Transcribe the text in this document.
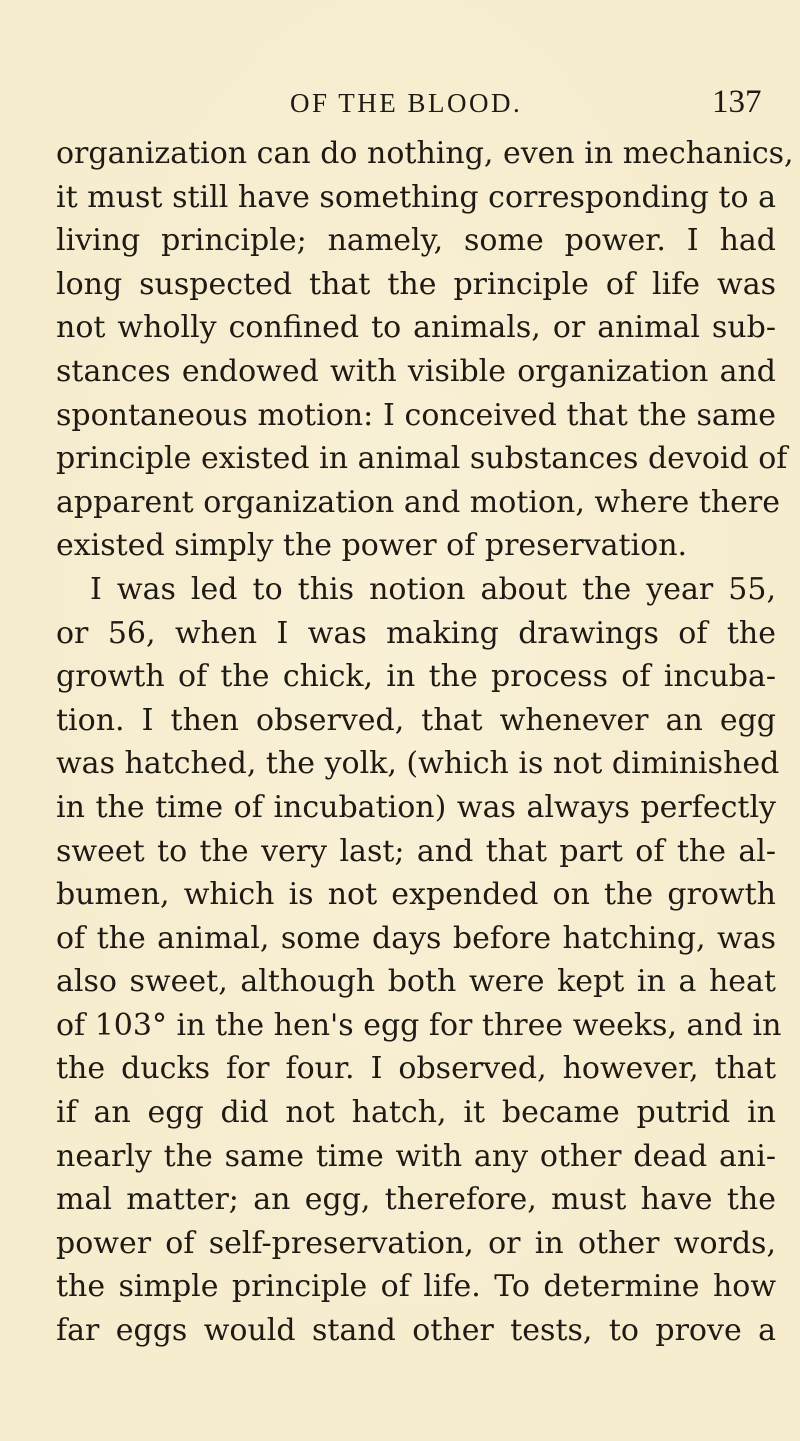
OF THE BLOOD.	137
organization can do nothing, even in mechanics,
it must still have something corresponding to a
living principle; namely, some power. I had
long suspected that the principle of life was
not wholly confined to animals, or animal sub-
stances endowed with visible organization and
spontaneous motion: I conceived that the same
principle existed in animal substances devoid of
apparent organization and motion, where there
existed simply the power of preservation.
I was led to this notion about the year 55,
or 56, when I was making drawings of the
growth of the chick, in the process of incuba-
tion. I then observed, that whenever an egg
was hatched, the yolk, (which is not diminished
in the time of incubation) was always perfectly
sweet to the very last; and that part of the al-
bumen, which is not expended on the growth
of the animal, some days before hatching, was
also sweet, although both were kept in a heat
of 103° in the hen's egg for three weeks, and in
the ducks for four. I observed, however, that
if an egg did not hatch, it became putrid in
nearly the same time with any other dead ani-
mal matter; an egg, therefore, must have the
power of self-preservation, or in other words,
the simple principle of life. To determine how
far eggs would stand other tests, to prove a
